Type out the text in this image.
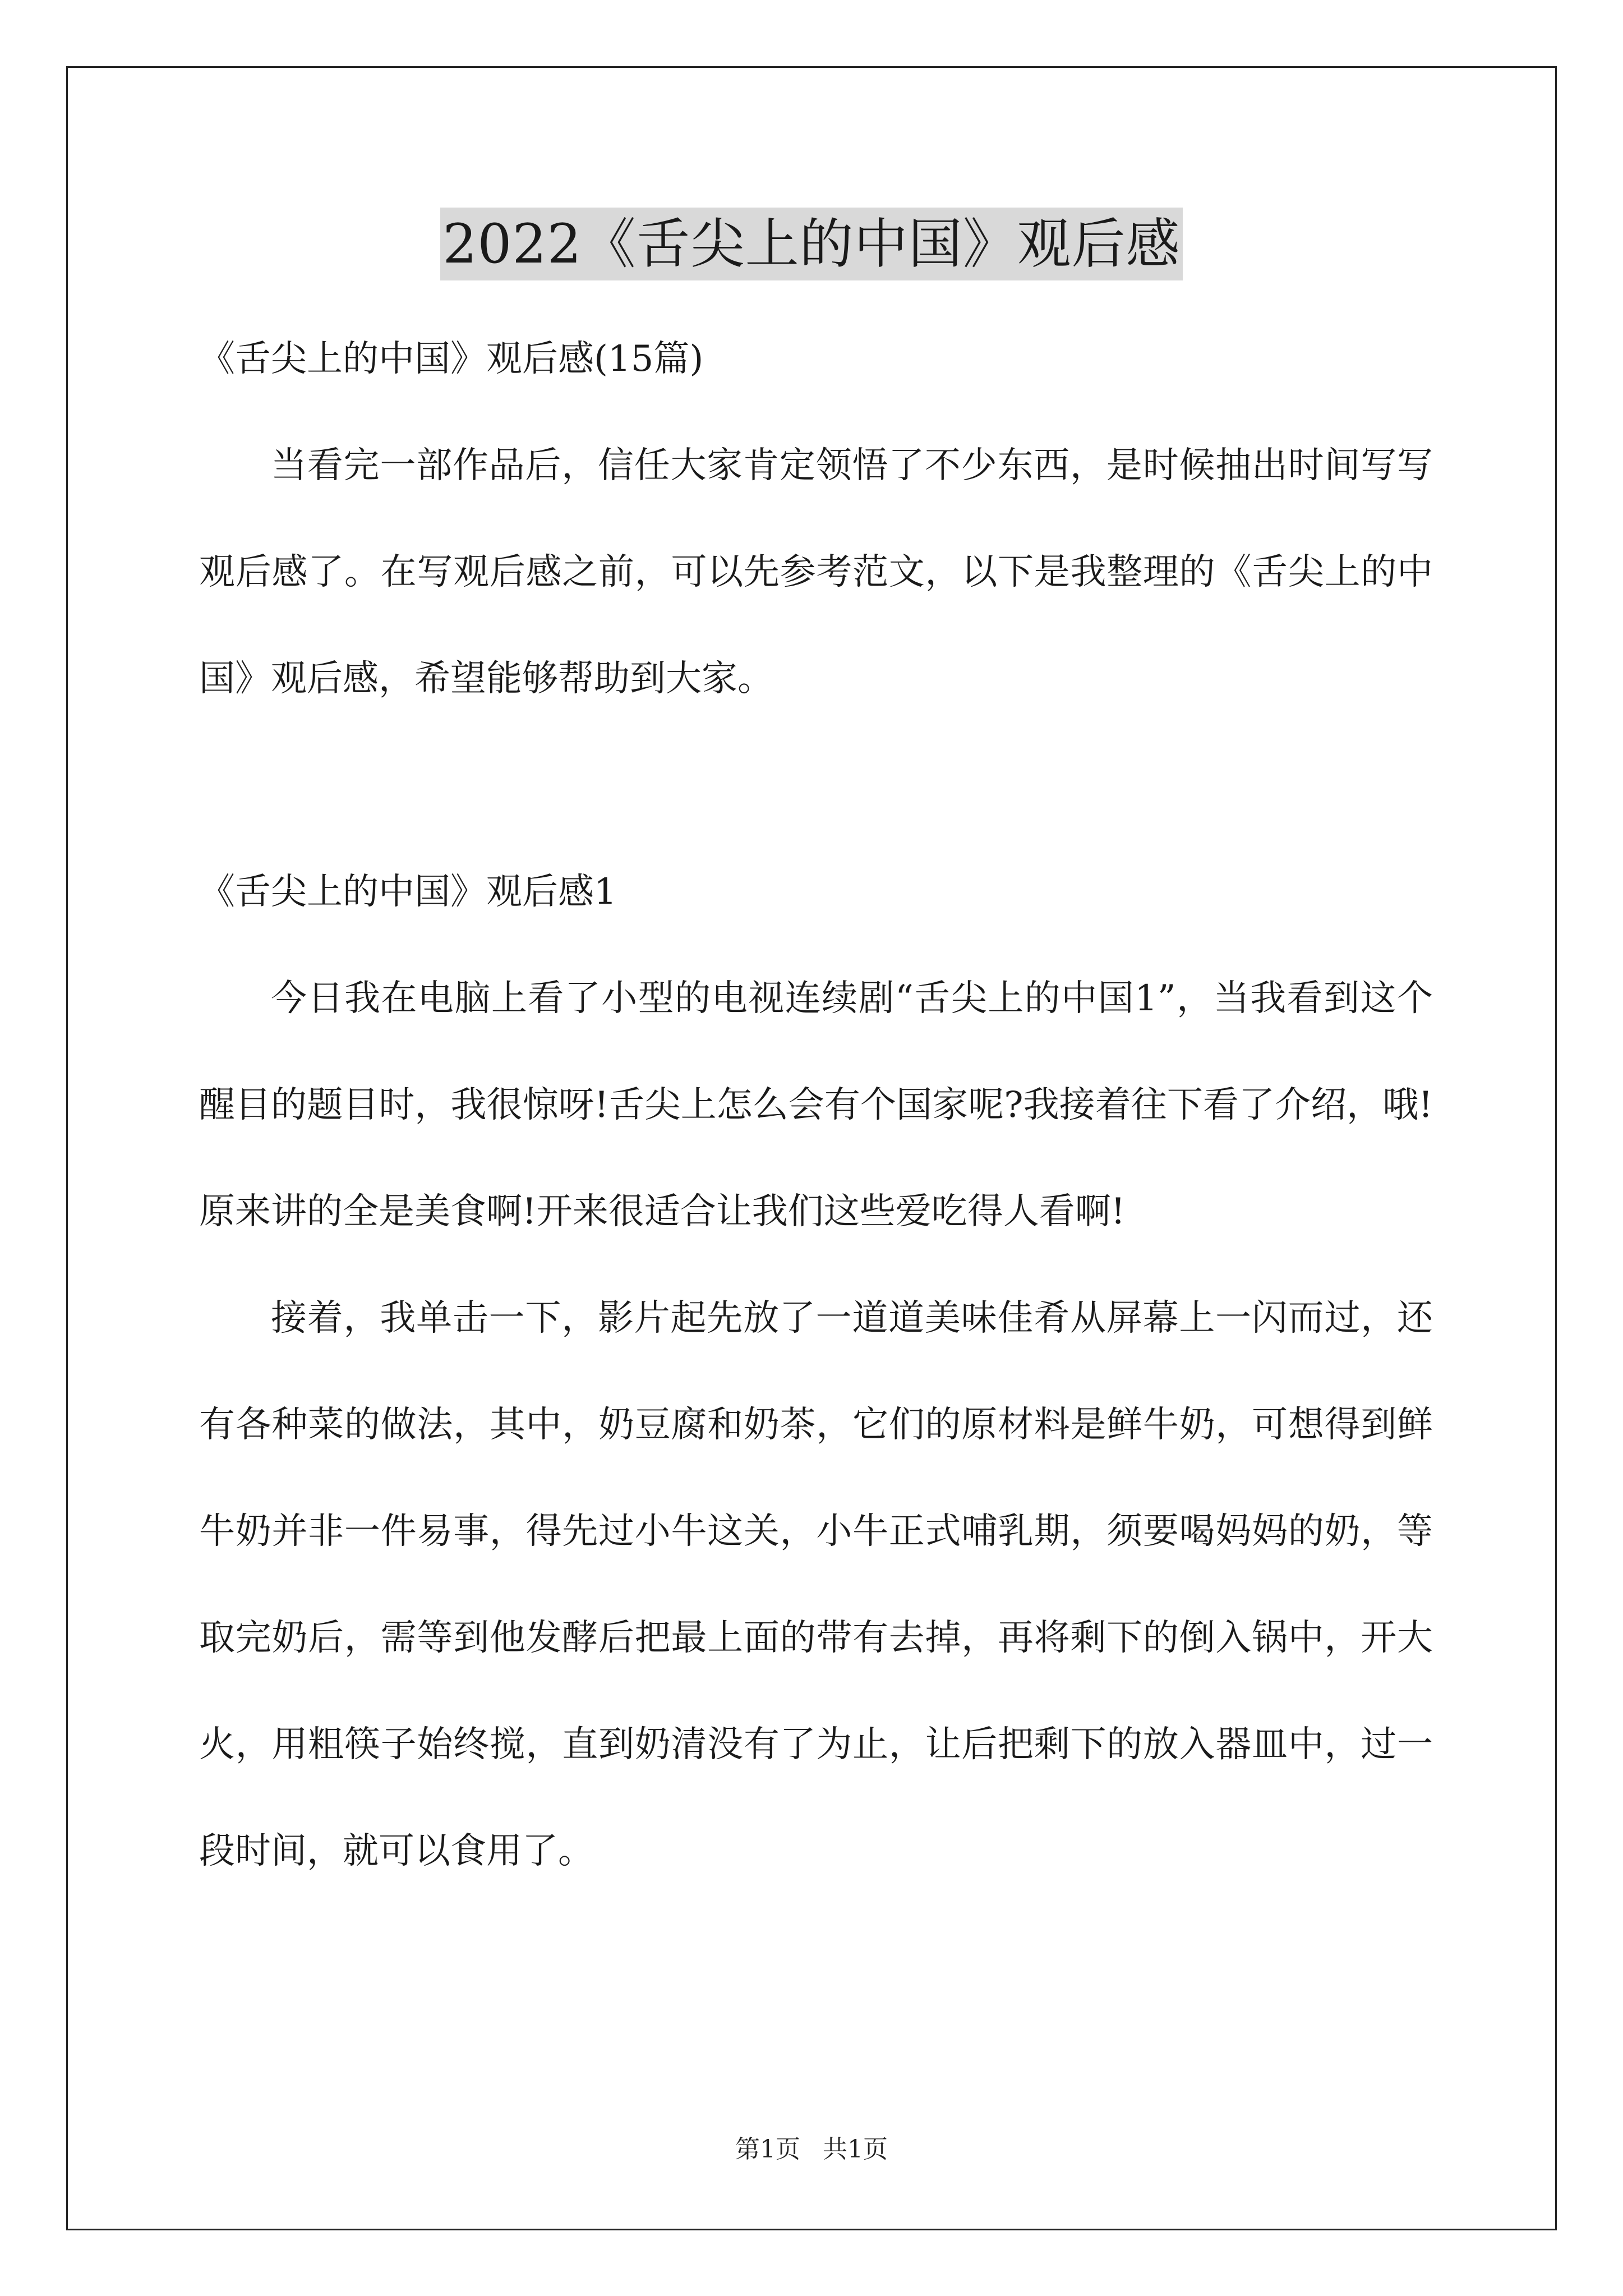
2022《舌尖上的中国》观后感

《舌尖上的中国》观后感(15篇)

当看完一部作品后，信任大家肯定领悟了不少东西，是时候抽出时间写写观后感了。在写观后感之前，可以先参考范文，以下是我整理的《舌尖上的中国》观后感，希望能够帮助到大家。

《舌尖上的中国》观后感1

今日我在电脑上看了小型的电视连续剧“舌尖上的中国1”，当我看到这个醒目的题目时，我很惊呀!舌尖上怎么会有个国家呢?我接着往下看了介绍，哦!原来讲的全是美食啊!开来很适合让我们这些爱吃得人看啊!

接着，我单击一下，影片起先放了一道道美味佳肴从屏幕上一闪而过，还有各种菜的做法，其中，奶豆腐和奶茶，它们的原材料是鲜牛奶，可想得到鲜牛奶并非一件易事，得先过小牛这关，小牛正式哺乳期，须要喝妈妈的奶，等取完奶后，需等到他发酵后把最上面的带有去掉，再将剩下的倒入锅中，开大火，用粗筷子始终搅，直到奶清没有了为止，让后把剩下的放入器皿中，过一段时间，就可以食用了。

第1页 共1页
